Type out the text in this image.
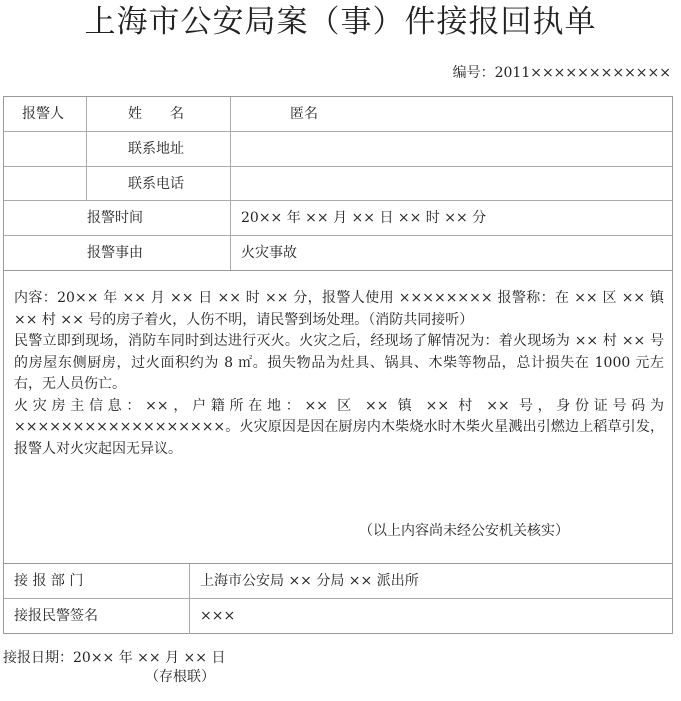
上海市公安局案（事）件接报回执单
编号：2011××××××××××××
报警人	姓　　名	匿名
联系地址
联系电话
报警时间	20×× 年 ×× 月 ×× 日 ×× 时 ×× 分
报警事由	火灾事故

内容：20×× 年 ×× 月 ×× 日 ×× 时 ×× 分，报警人使用 ×××××××× 报警称：在 ×× 区 ×× 镇 ×× 村 ×× 号的房子着火，人伤不明，请民警到场处理。（消防共同接听）

民警立即到现场，消防车同时到达进行灭火。火灾之后，经现场了解情况为：着火现场为 ×× 村 ×× 号的房屋东侧厨房，过火面积约为 8 ㎡。损失物品为灶具、锅具、木柴等物品，总计损失在 1000 元左右，无人员伤亡。

火灾房主信息：××，户籍所在地：×× 区 ×× 镇 ×× 村 ×× 号，身份证号码为 ××××××××××××××××××。火灾原因是因在厨房内木柴烧水时木柴火星溅出引燃边上稻草引发，报警人对火灾起因无异议。

（以上内容尚未经公安机关核实）
接 报 部 门	上海市公安局 ×× 分局 ×× 派出所
接报民警签名	×××
接报日期：20×× 年 ×× 月 ×× 日
（存根联）
